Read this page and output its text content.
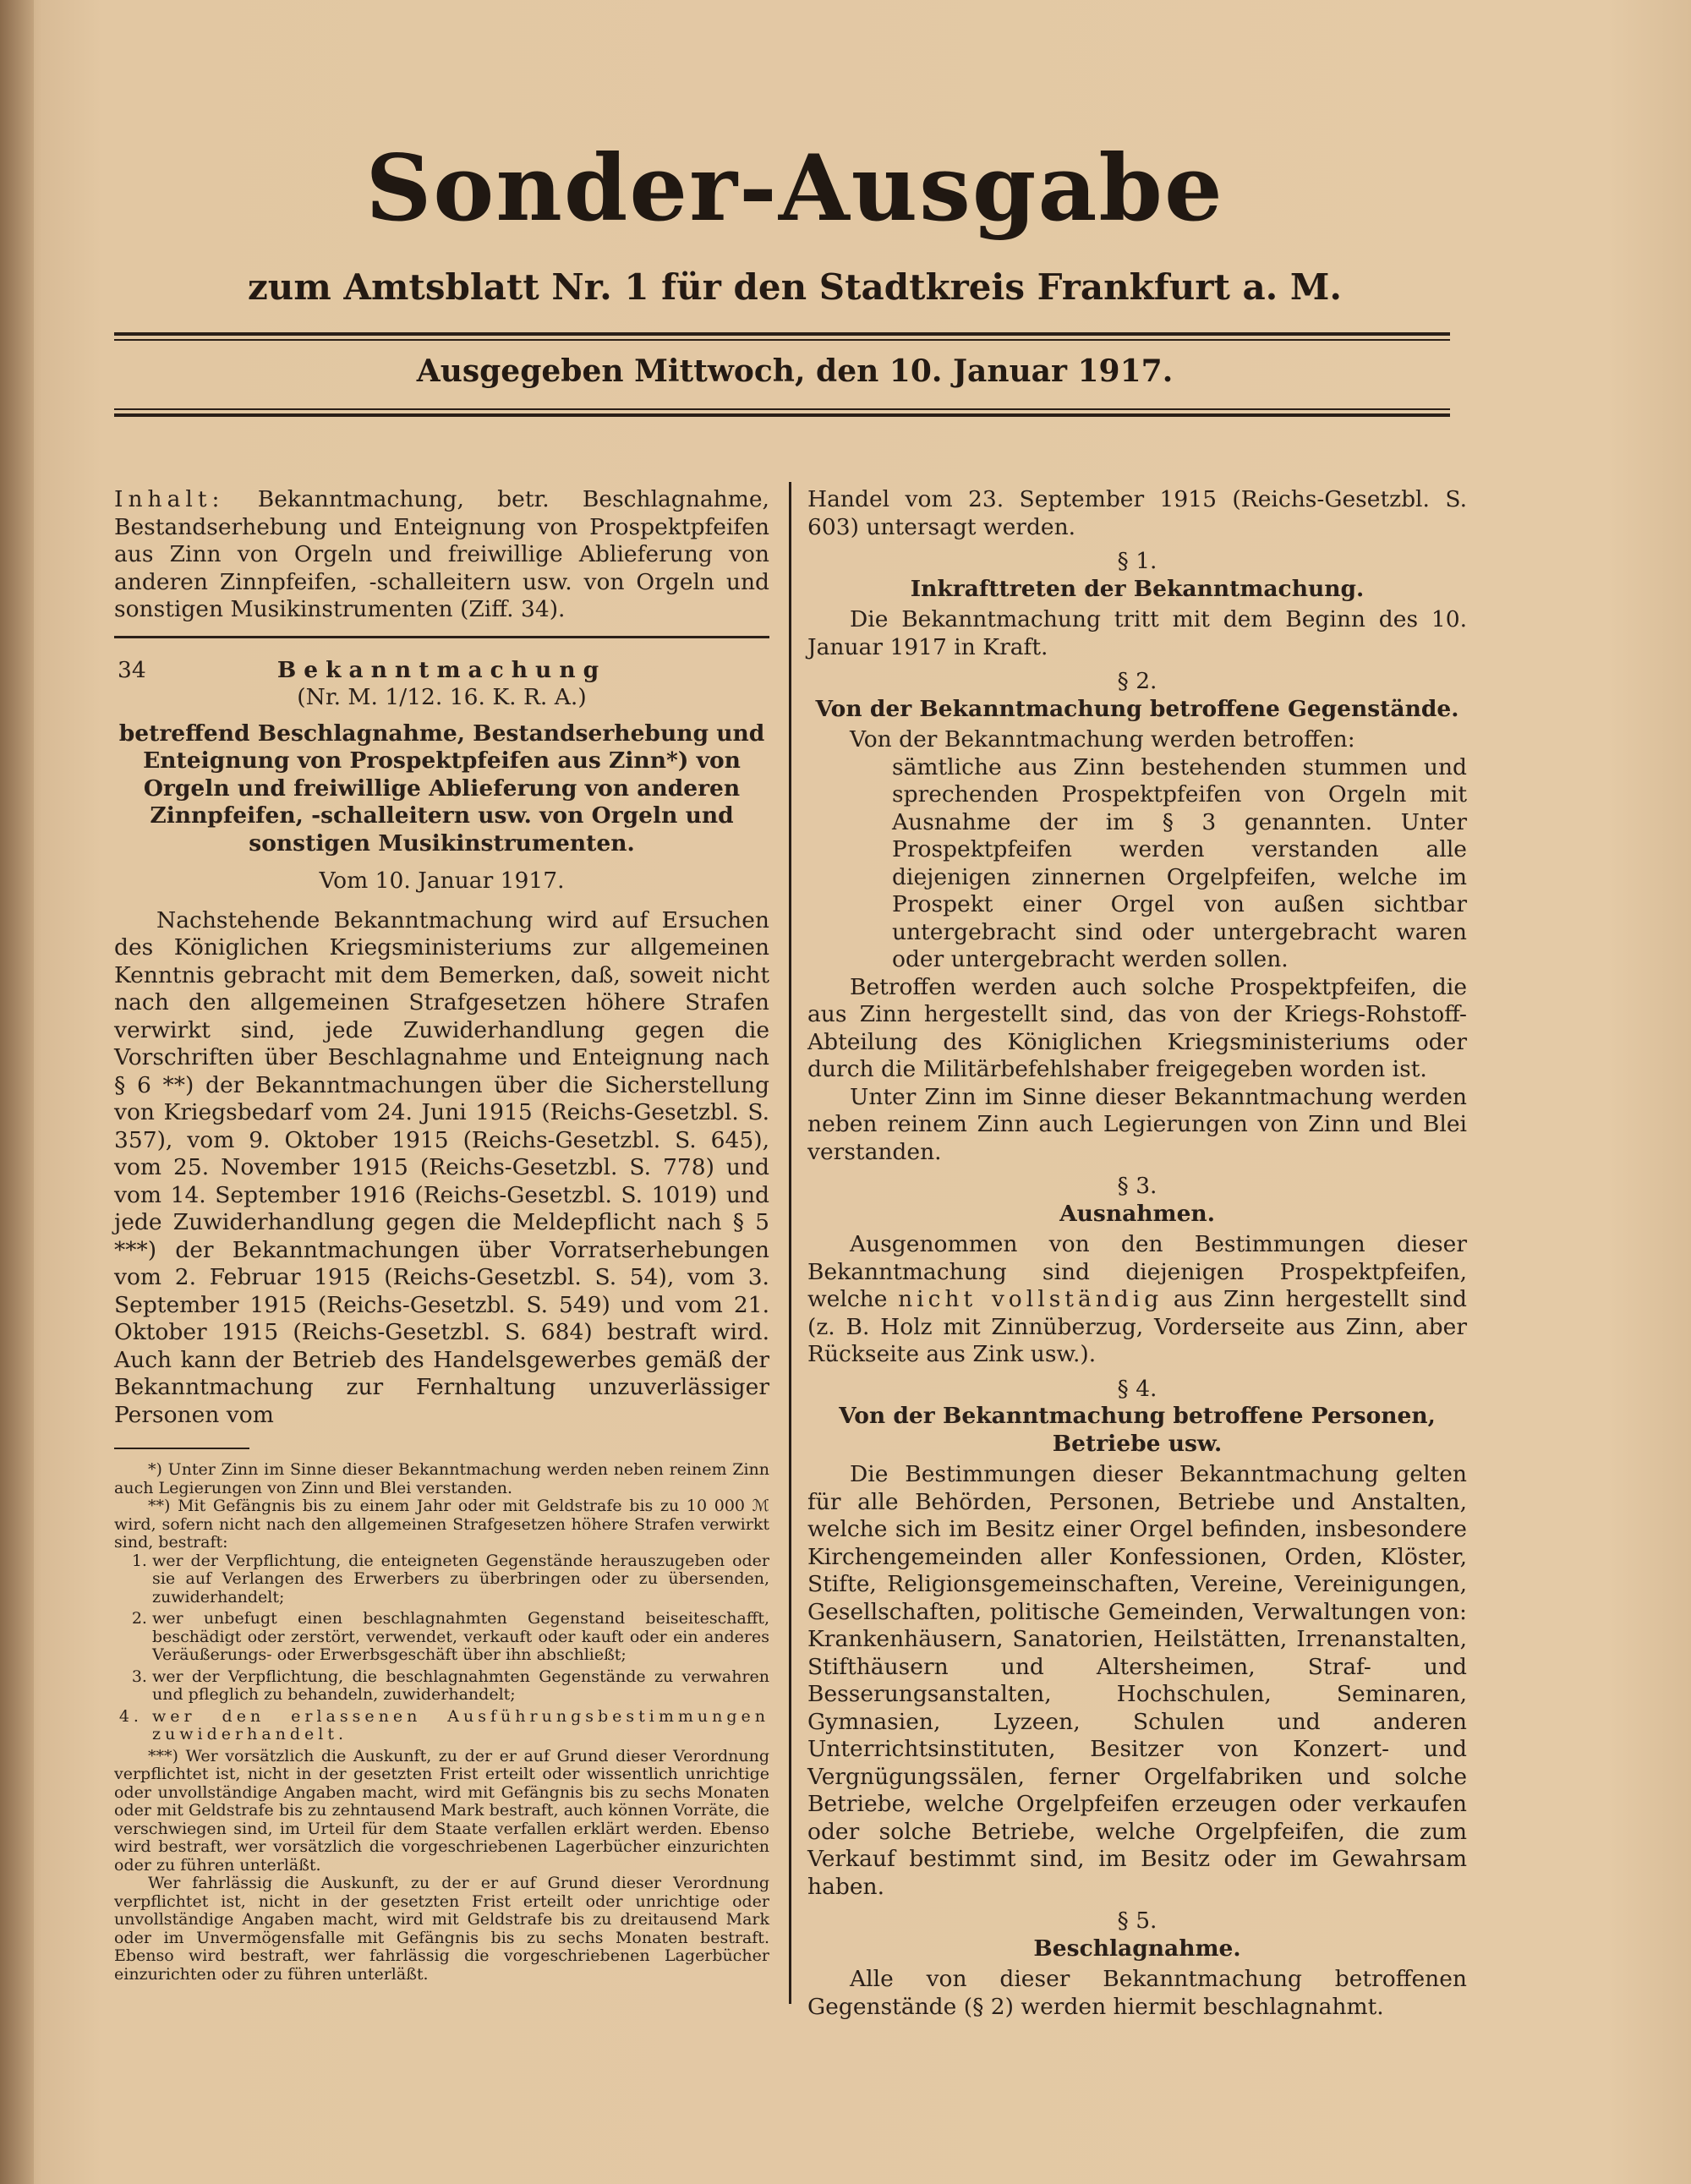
Sonder-Ausgabe
zum Amtsblatt Nr. 1 für den Stadtkreis Frankfurt a. M.
Ausgegeben Mittwoch, den 10. Januar 1917.
Inhalt: Bekanntmachung, betr. Beschlagnahme, Bestandserhebung und Enteignung von Prospektpfeifen aus Zinn von Orgeln und freiwillige Ablieferung von anderen Zinnpfeifen, -schalleitern usw. von Orgeln und sonstigen Musikinstrumenten (Ziff. 34).
34	Bekanntmachung
(Nr. M. 1/12. 16. K. R. A.)
betreffend Beschlagnahme, Bestandserhebung und Enteignung von Prospektpfeifen aus Zinn*) von Orgeln und freiwillige Ablieferung von anderen Zinnpfeifen, -schalleitern usw. von Orgeln und sonstigen Musikinstrumenten.
Vom 10. Januar 1917.

Nachstehende Bekanntmachung wird auf Ersuchen des Königlichen Kriegsministeriums zur allgemeinen Kenntnis gebracht mit dem Bemerken, daß, soweit nicht nach den allgemeinen Strafgesetzen höhere Strafen verwirkt sind, jede Zuwiderhandlung gegen die Vorschriften über Beschlagnahme und Enteignung nach § 6 **) der Bekanntmachungen über die Sicherstellung von Kriegsbedarf vom 24. Juni 1915 (Reichs-Gesetzbl. S. 357), vom 9. Oktober 1915 (Reichs-Gesetzbl. S. 645), vom 25. November 1915 (Reichs-Gesetzbl. S. 778) und vom 14. September 1916 (Reichs-Gesetzbl. S. 1019) und jede Zuwiderhandlung gegen die Meldepflicht nach § 5 ***) der Bekanntmachungen über Vorratserhebungen vom 2. Februar 1915 (Reichs-Gesetzbl. S. 54), vom 3. September 1915 (Reichs-Gesetzbl. S. 549) und vom 21. Oktober 1915 (Reichs-Gesetzbl. S. 684) bestraft wird. Auch kann der Betrieb des Handelsgewerbes gemäß der Bekanntmachung zur Fernhaltung unzuverlässiger Personen vom

*) Unter Zinn im Sinne dieser Bekanntmachung werden neben reinem Zinn auch Legierungen von Zinn und Blei verstanden.

**) Mit Gefängnis bis zu einem Jahr oder mit Geldstrafe bis zu 10 000 ℳ wird, sofern nicht nach den allgemeinen Strafgesetzen höhere Strafen verwirkt sind, bestraft:

1. wer der Verpflichtung, die enteigneten Gegenstände herauszugeben oder sie auf Verlangen des Erwerbers zu überbringen oder zu übersenden, zuwiderhandelt;
2. wer unbefugt einen beschlagnahmten Gegenstand beiseiteschafft, beschädigt oder zerstört, verwendet, verkauft oder kauft oder ein anderes Veräußerungs- oder Erwerbsgeschäft über ihn abschließt;
3. wer der Verpflichtung, die beschlagnahmten Gegenstände zu verwahren und pfleglich zu behandeln, zuwiderhandelt;
4. wer den erlassenen Ausführungsbestimmungen zuwiderhandelt.

***) Wer vorsätzlich die Auskunft, zu der er auf Grund dieser Verordnung verpflichtet ist, nicht in der gesetzten Frist erteilt oder wissentlich unrichtige oder unvollständige Angaben macht, wird mit Gefängnis bis zu sechs Monaten oder mit Geldstrafe bis zu zehntausend Mark bestraft, auch können Vorräte, die verschwiegen sind, im Urteil für dem Staate verfallen erklärt werden. Ebenso wird bestraft, wer vorsätzlich die vorgeschriebenen Lagerbücher einzurichten oder zu führen unterläßt.

Wer fahrlässig die Auskunft, zu der er auf Grund dieser Verordnung verpflichtet ist, nicht in der gesetzten Frist erteilt oder unrichtige oder unvollständige Angaben macht, wird mit Geldstrafe bis zu dreitausend Mark oder im Unvermögensfalle mit Gefängnis bis zu sechs Monaten bestraft. Ebenso wird bestraft, wer fahrlässig die vorgeschriebenen Lagerbücher einzurichten oder zu führen unterläßt.

Handel vom 23. September 1915 (Reichs-Gesetzbl. S. 603) untersagt werden.
§ 1.
Inkrafttreten der Bekanntmachung.

Die Bekanntmachung tritt mit dem Beginn des 10. Januar 1917 in Kraft.

§ 2.
Von der Bekanntmachung betroffene Gegenstände.

Von der Bekanntmachung werden betroffen:

sämtliche aus Zinn bestehenden stummen und sprechenden Prospektpfeifen von Orgeln mit Ausnahme der im § 3 genannten. Unter Prospektpfeifen werden verstanden alle diejenigen zinnernen Orgelpfeifen, welche im Prospekt einer Orgel von außen sichtbar untergebracht sind oder untergebracht waren oder untergebracht werden sollen.

Betroffen werden auch solche Prospektpfeifen, die aus Zinn hergestellt sind, das von der Kriegs-Rohstoff-Abteilung des Königlichen Kriegsministeriums oder durch die Militärbefehlshaber freigegeben worden ist.

Unter Zinn im Sinne dieser Bekanntmachung werden neben reinem Zinn auch Legierungen von Zinn und Blei verstanden.

§ 3.
Ausnahmen.

Ausgenommen von den Bestimmungen dieser Bekanntmachung sind diejenigen Prospektpfeifen, welche nicht vollständig aus Zinn hergestellt sind (z. B. Holz mit Zinnüberzug, Vorderseite aus Zinn, aber Rückseite aus Zink usw.).

§ 4.
Von der Bekanntmachung betroffene Personen, Betriebe usw.

Die Bestimmungen dieser Bekanntmachung gelten für alle Behörden, Personen, Betriebe und Anstalten, welche sich im Besitz einer Orgel befinden, insbesondere Kirchengemeinden aller Konfessionen, Orden, Klöster, Stifte, Religionsgemeinschaften, Vereine, Vereinigungen, Gesellschaften, politische Gemeinden, Verwaltungen von: Krankenhäusern, Sanatorien, Heilstätten, Irrenanstalten, Stifthäusern und Altersheimen, Straf- und Besserungsanstalten, Hochschulen, Seminaren, Gymnasien, Lyzeen, Schulen und anderen Unterrichtsinstituten, Besitzer von Konzert- und Vergnügungssälen, ferner Orgelfabriken und solche Betriebe, welche Orgelpfeifen erzeugen oder verkaufen oder solche Betriebe, welche Orgelpfeifen, die zum Verkauf bestimmt sind, im Besitz oder im Gewahrsam haben.

§ 5.
Beschlagnahme.

Alle von dieser Bekanntmachung betroffenen Gegenstände (§ 2) werden hiermit beschlagnahmt.
